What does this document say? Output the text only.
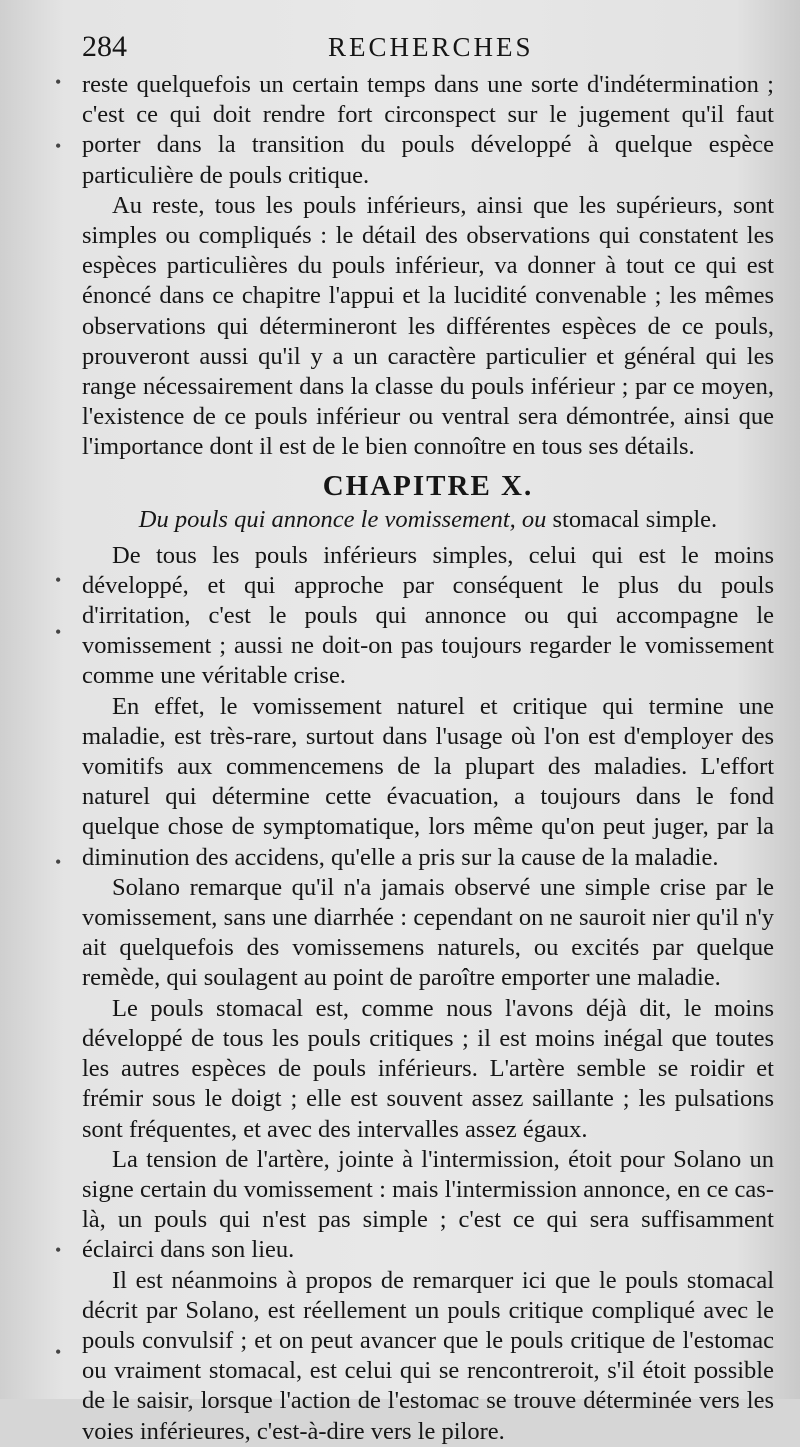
•
•
•
•
•
•
•
284	RECHERCHES

reste quelquefois un certain temps dans une sorte d'indétermination ; c'est ce qui doit rendre fort circonspect sur le jugement qu'il faut porter dans la transition du pouls développé à quelque espèce particulière de pouls critique.

Au reste, tous les pouls inférieurs, ainsi que les supérieurs, sont simples ou compliqués : le détail des observations qui constatent les espèces particulières du pouls inférieur, va donner à tout ce qui est énoncé dans ce chapitre l'appui et la lucidité convenable ; les mêmes observations qui détermineront les différentes espèces de ce pouls, prouveront aussi qu'il y a un caractère particulier et général qui les range nécessairement dans la classe du pouls inférieur ; par ce moyen, l'existence de ce pouls inférieur ou ventral sera démontrée, ainsi que l'importance dont il est de le bien connoître en tous ses détails.

CHAPITRE X.
Du pouls qui annonce le vomissement, ou stomacal simple.

De tous les pouls inférieurs simples, celui qui est le moins développé, et qui approche par conséquent le plus du pouls d'irritation, c'est le pouls qui annonce ou qui accompagne le vomissement ; aussi ne doit-on pas toujours regarder le vomissement comme une véritable crise.

En effet, le vomissement naturel et critique qui termine une maladie, est très-rare, surtout dans l'usage où l'on est d'employer des vomitifs aux commencemens de la plupart des maladies. L'effort naturel qui détermine cette évacuation, a toujours dans le fond quelque chose de symptomatique, lors même qu'on peut juger, par la diminution des accidens, qu'elle a pris sur la cause de la maladie.

Solano remarque qu'il n'a jamais observé une simple crise par le vomissement, sans une diarrhée : cependant on ne sauroit nier qu'il n'y ait quelquefois des vomissemens naturels, ou excités par quelque remède, qui soulagent au point de paroître emporter une maladie.

Le pouls stomacal est, comme nous l'avons déjà dit, le moins développé de tous les pouls critiques ; il est moins inégal que toutes les autres espèces de pouls inférieurs. L'artère semble se roidir et frémir sous le doigt ; elle est souvent assez saillante ; les pulsations sont fréquentes, et avec des intervalles assez égaux.

La tension de l'artère, jointe à l'intermission, étoit pour Solano un signe certain du vomissement : mais l'intermission annonce, en ce cas-là, un pouls qui n'est pas simple ; c'est ce qui sera suffisamment éclairci dans son lieu.

Il est néanmoins à propos de remarquer ici que le pouls stomacal décrit par Solano, est réellement un pouls critique compliqué avec le pouls convulsif ; et on peut avancer que le pouls critique de l'estomac ou vraiment stomacal, est celui qui se rencontreroit, s'il étoit possible de le saisir, lorsque l'action de l'estomac se trouve déterminée vers les voies inférieures, c'est-à-dire vers le pilore.
